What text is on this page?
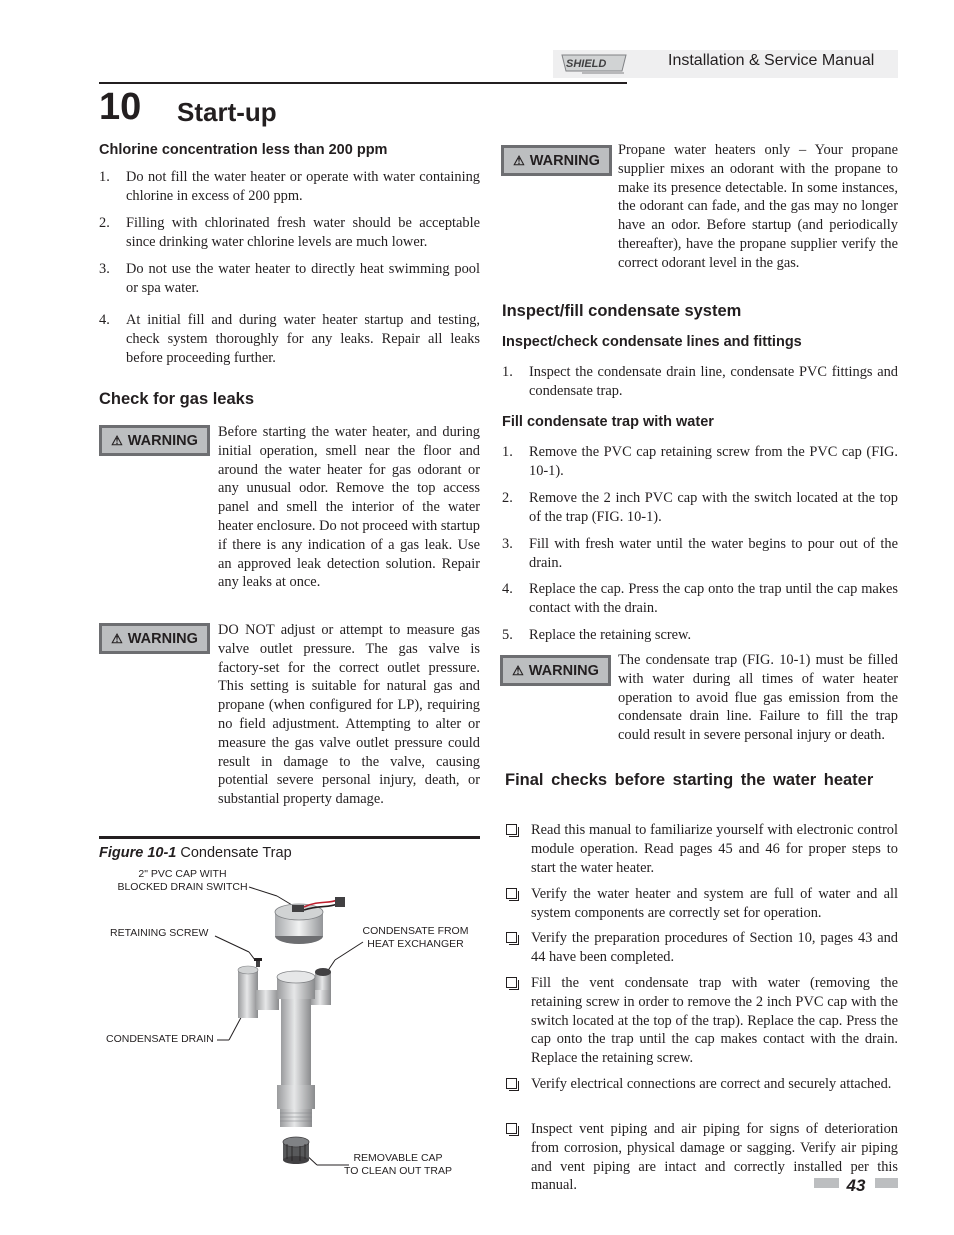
SHIELD	Installation & Service Manual
10 Start-up
Chlorine concentration less than 200 ppm
1. Do not fill the water heater or operate with water containing chlorine in excess of 200 ppm.
2. Filling with chlorinated fresh water should be acceptable since drinking water chlorine levels are much lower.
3. Do not use the water heater to directly heat swimming pool or spa water.
4. At initial fill and during water heater startup and testing, check system thoroughly for any leaks. Repair all leaks before proceeding further.
Check for gas leaks
⚠ WARNING
Before starting the water heater, and during initial operation, smell near the floor and around the water heater for gas odorant or any unusual odor. Remove the top access panel and smell the interior of the water heater enclosure. Do not proceed with startup if there is any indication of a gas leak. Use an approved leak detection solution. Repair any leaks at once.
⚠ WARNING
DO NOT adjust or attempt to measure gas valve outlet pressure. The gas valve is factory-set for the correct outlet pressure. This setting is suitable for natural gas and propane (when configured for LP), requiring no field adjustment. Attempting to alter or measure the gas valve outlet pressure could result in damage to the valve, causing potential severe personal injury, death, or substantial property damage.
Figure 10-1 Condensate Trap
2" PVC CAP WITH
BLOCKED DRAIN SWITCH
RETAINING SCREW	CONDENSATE FROM
HEAT EXCHANGER
CONDENSATE DRAIN
REMOVABLE CAP
TO CLEAN OUT TRAP
⚠ WARNING
Propane water heaters only – Your propane supplier mixes an odorant with the propane to make its presence detectable. In some instances, the odorant can fade, and the gas may no longer have an odor. Before startup (and periodically thereafter), have the propane supplier verify the correct odorant level in the gas.
Inspect/fill condensate system
Inspect/check condensate lines and fittings
1. Inspect the condensate drain line, condensate PVC fittings and condensate trap.
Fill condensate trap with water
1. Remove the PVC cap retaining screw from the PVC cap (FIG. 10-1).
2. Remove the 2 inch PVC cap with the switch located at the top of the trap (FIG. 10-1).
3. Fill with fresh water until the water begins to pour out of the drain.
4. Replace the cap. Press the cap onto the trap until the cap makes contact with the drain.
5. Replace the retaining screw.
⚠ WARNING
The condensate trap (FIG. 10-1) must be filled with water during all times of water heater operation to avoid flue gas emission from the condensate drain line. Failure to fill the trap could result in severe personal injury or death.
Final checks before starting the water heater
Read this manual to familiarize yourself with electronic control module operation. Read pages 45 and 46 for proper steps to start the water heater.
Verify the water heater and system are full of water and all system components are correctly set for operation.
Verify the preparation procedures of Section 10, pages 43 and 44 have been completed.
Fill the vent condensate trap with water (removing the retaining screw in order to remove the 2 inch PVC cap with the switch located at the top of the trap). Replace the cap. Press the cap onto the trap until the cap makes contact with the drain. Replace the retaining screw.
Verify electrical connections are correct and securely attached.
Inspect vent piping and air piping for signs of deterioration from corrosion, physical damage or sagging. Verify air piping and vent piping are intact and correctly installed per this manual.	43
